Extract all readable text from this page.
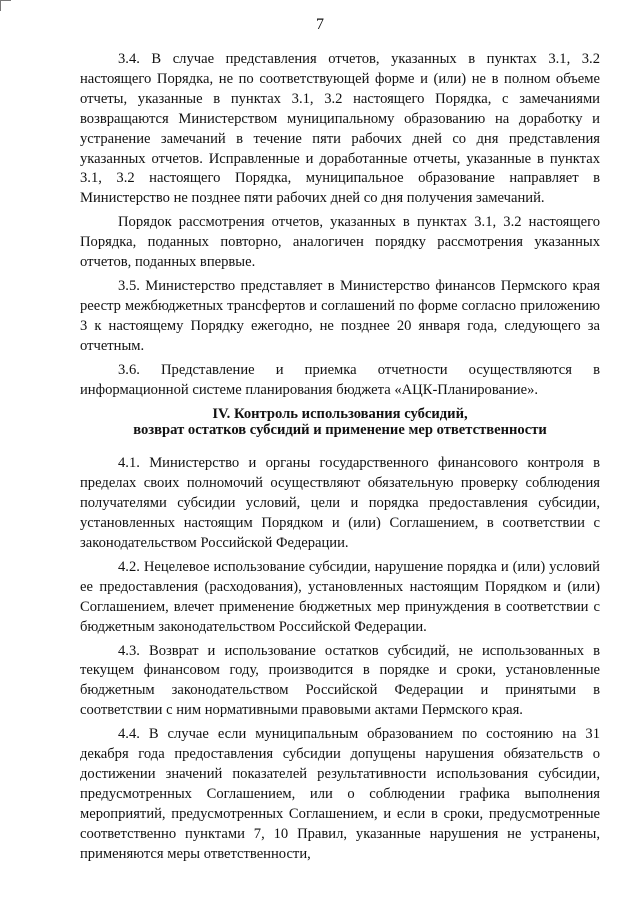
7

3.4. В случае представления отчетов, указанных в пунктах 3.1, 3.2 настоящего Порядка, не по соответствующей форме и (или) не в полном объеме отчеты, указанные в пунктах 3.1, 3.2 настоящего Порядка, с замечаниями возвращаются Министерством муниципальному образованию на доработку и устранение замечаний в течение пяти рабочих дней со дня представления указанных отчетов. Исправленные и доработанные отчеты, указанные в пунктах 3.1, 3.2 настоящего Порядка, муниципальное образование направляет в Министерство не позднее пяти рабочих дней со дня получения замечаний.

Порядок рассмотрения отчетов, указанных в пунктах 3.1, 3.2 настоящего Порядка, поданных повторно, аналогичен порядку рассмотрения указанных отчетов, поданных впервые.

3.5. Министерство представляет в Министерство финансов Пермского края реестр межбюджетных трансфертов и соглашений по форме согласно приложению 3 к настоящему Порядку ежегодно, не позднее 20 января года, следующего за отчетным.

3.6. Представление и приемка отчетности осуществляются в информационной системе планирования бюджета «АЦК-Планирование».

IV. Контроль использования субсидий,
возврат остатков субсидий и применение мер ответственности

4.1. Министерство и органы государственного финансового контроля в пределах своих полномочий осуществляют обязательную проверку соблюдения получателями субсидии условий, цели и порядка предоставления субсидии, установленных настоящим Порядком и (или) Соглашением, в соответствии с законодательством Российской Федерации.

4.2. Нецелевое использование субсидии, нарушение порядка и (или) условий ее предоставления (расходования), установленных настоящим Порядком и (или) Соглашением, влечет применение бюджетных мер принуждения в соответствии с бюджетным законодательством Российской Федерации.

4.3. Возврат и использование остатков субсидий, не использованных в текущем финансовом году, производится в порядке и сроки, установленные бюджетным законодательством Российской Федерации и принятыми в соответствии с ним нормативными правовыми актами Пермского края.

4.4. В случае если муниципальным образованием по состоянию на 31 декабря года предоставления субсидии допущены нарушения обязательств о достижении значений показателей результативности использования субсидии, предусмотренных Соглашением, или о соблюдении графика выполнения мероприятий, предусмотренных Соглашением, и если в сроки, предусмотренные соответственно пунктами 7, 10 Правил, указанные нарушения не устранены, применяются меры ответственности,
